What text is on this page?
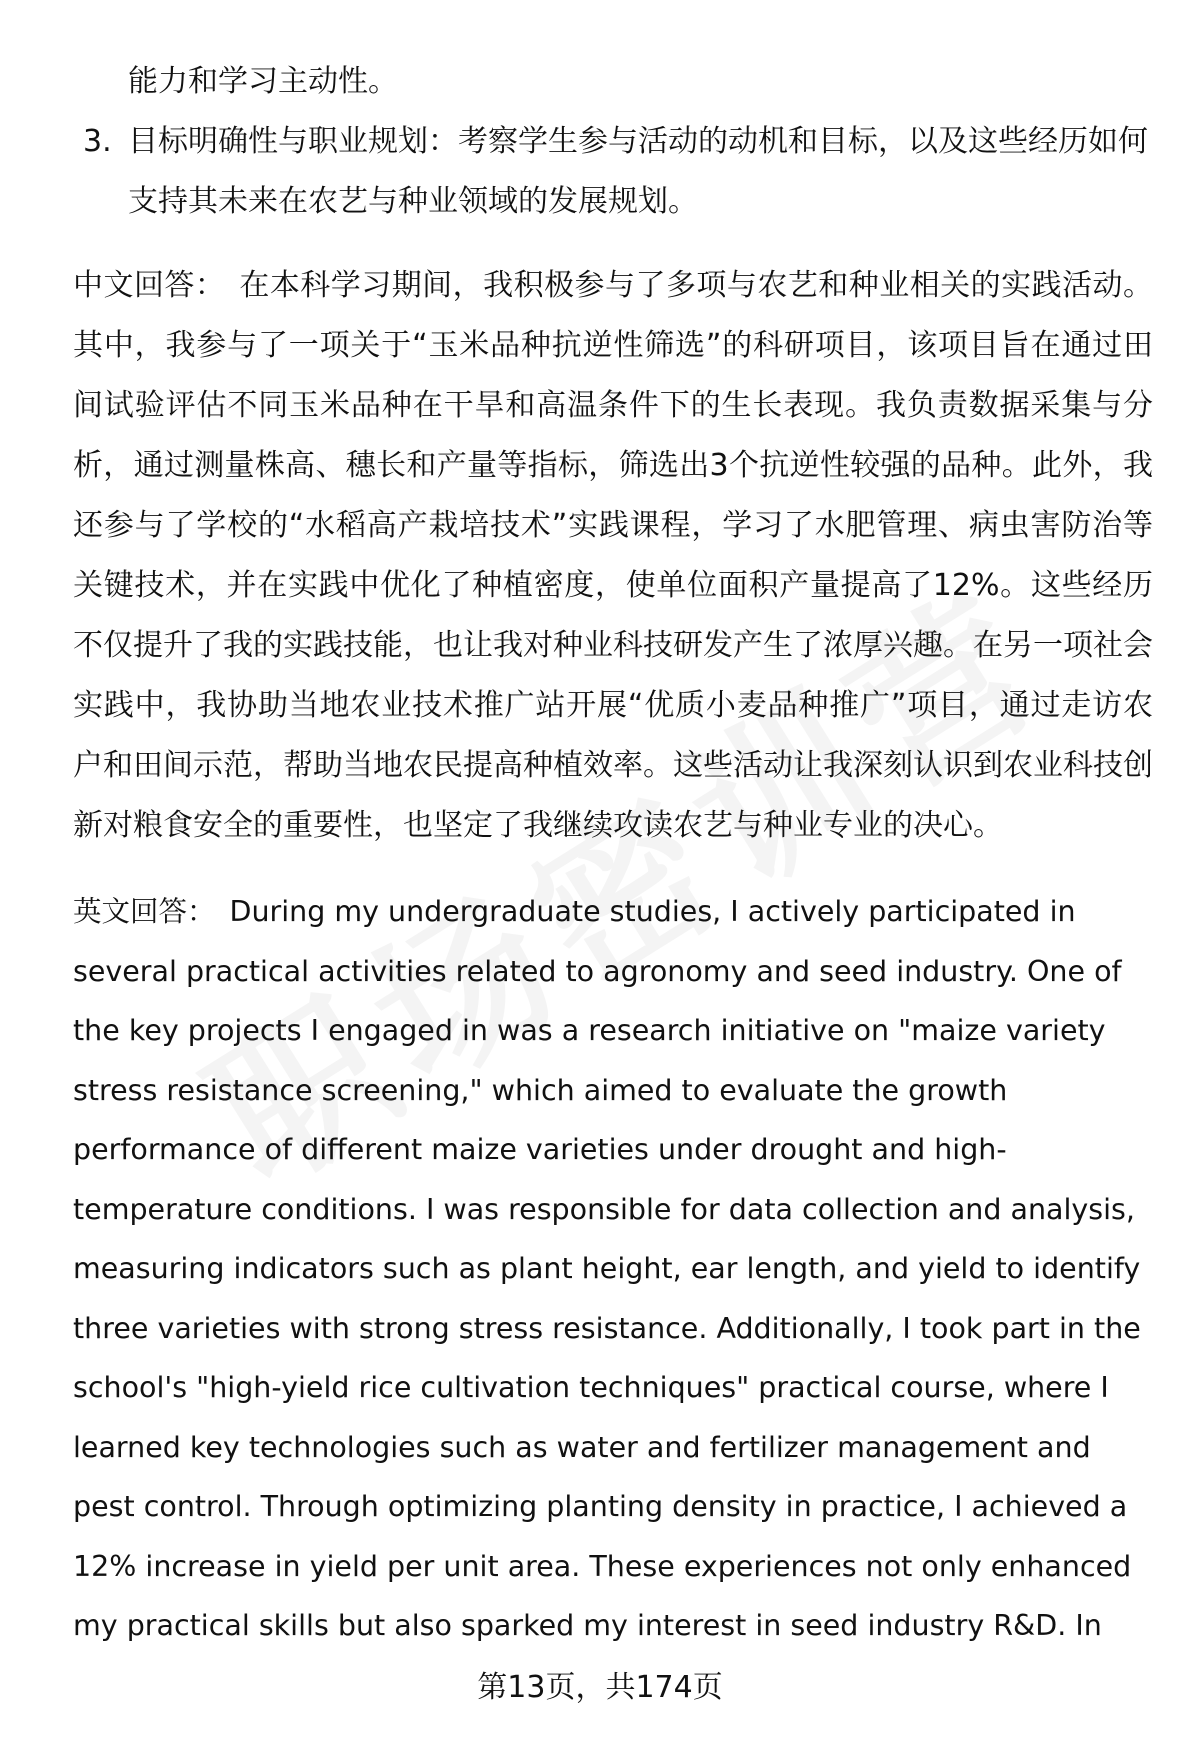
能力和学习主动性。
3. 目标明确性与职业规划：考察学生参与活动的动机和目标，以及这些经历如何支持其未来在农艺与种业领域的发展规划。
中文回答： 在本科学习期间，我积极参与了多项与农艺和种业相关的实践活动。其中，我参与了一项关于“玉米品种抗逆性筛选”的科研项目，该项目旨在通过田间试验评估不同玉米品种在干旱和高温条件下的生长表现。我负责数据采集与分析，通过测量株高、穗长和产量等指标，筛选出3个抗逆性较强的品种。此外，我还参与了学校的“水稻高产栽培技术”实践课程，学习了水肥管理、病虫害防治等关键技术，并在实践中优化了种植密度，使单位面积产量提高了12%。这些经历不仅提升了我的实践技能，也让我对种业科技研发产生了浓厚兴趣。在另一项社会实践中，我协助当地农业技术推广站开展“优质小麦品种推广”项目，通过走访农户和田间示范，帮助当地农民提高种植效率。这些活动让我深刻认识到农业科技创新对粮食安全的重要性，也坚定了我继续攻读农艺与种业专业的决心。
英文回答： During my undergraduate studies, I actively participated in several practical activities related to agronomy and seed industry. One of the key projects I engaged in was a research initiative on "maize variety stress resistance screening," which aimed to evaluate the growth performance of different maize varieties under drought and high-temperature conditions. I was responsible for data collection and analysis, measuring indicators such as plant height, ear length, and yield to identify three varieties with strong stress resistance. Additionally, I took part in the school's "high-yield rice cultivation techniques" practical course, where I learned key technologies such as water and fertilizer management and pest control. Through optimizing planting density in practice, I achieved a 12% increase in yield per unit area. These experiences not only enhanced my practical skills but also sparked my interest in seed industry R&D. In
第13页，共174页
